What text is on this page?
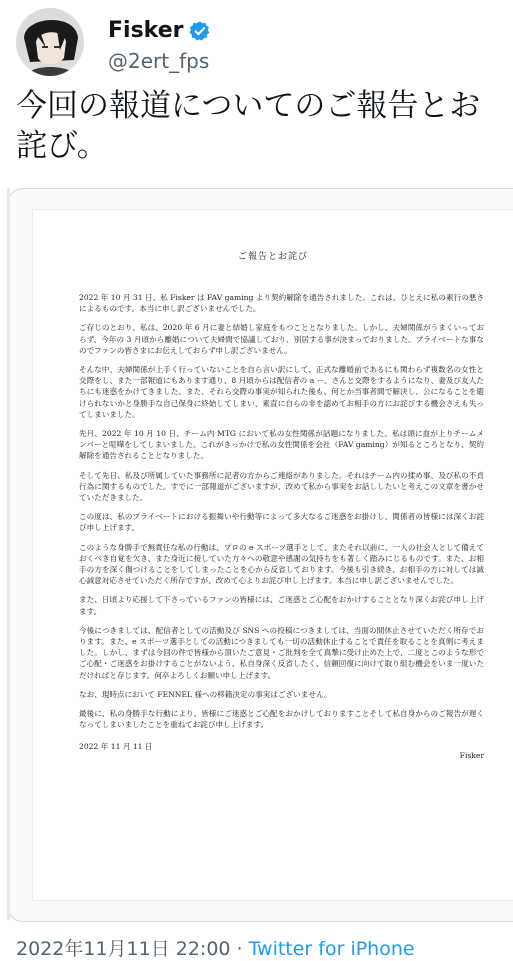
Fisker
@2ert_fps
今回の報道についてのご報告とお詫び。
ご報告とお詫び

2022 年 10 月 31 日、私 Fisker は FAV gaming より契約解除を通告されました。これは、ひとえに私の素行の悪さによるものです。本当に申し訳ございませんでした。

ご存じのとおり、私は、2020 年 6 月に妻と結婚し家庭をもつこととなりました。しかし、夫婦関係がうまくいっておらず、今年の 3 月頃から離婚について夫婦間で協議しており、別居する事が決まっておりました。プライベートな事なのでファンの皆さまにお伝えしておらず申し訳ございません。

そんな中、夫婦関係が上手く行っていないことを自ら言い訳にして、正式な離婚前であるにも関わらず複数名の女性と交際をし、また一部報道にもあります通り、8 月頃からは配信者の a ー。さんと交際をするようになり、妻及び友人たちにも迷惑をかけてきました。また、それら交際の事実が知られた後も、何とか当事者間で解決し、公になることを避けられないかと身勝手な自己保身に終始してしまい、素直に自らの非を認めてお相手の方にお詫びする機会さえも失ってしまいました。

先月、2022 年 10 月 10 日、チーム内 MTG において私の女性関係が話題になりました。私は頭に血が上りチームメンバーと喧嘩をしてしまいました。これがきっかけで私の女性関係を会社（FAV gaming）が知るところとなり、契約解除を通告されることとなりました。

そして先日、私及び所属していた事務所に記者の方からご連絡がありました。それはチーム内の揉め事、及び私の不貞行為に関するものでした。すでに一部報道がございますが、改めて私から事実をお話ししたいと考えこの文章を書かせていただきました。

この度は、私のプライベートにおける振舞いや行動等によって多大なるご迷惑をお掛けし、関係者の皆様には深くお詫び申し上げます。

このような身勝手で無責任な私の行動は、プロの e スポーツ選手として、またそれ以前に、一人の社会人として備えておくべき自覚を欠き、また身近に接していた方々への敬意や感謝の気持ちをも著しく踏みにじるものです。また、お相手の方を深く傷つけることをしてしまったことを心から反省しております。今後も引き続き、お相手の方に対しては誠心誠意対応させていただく所存ですが、改めて心よりお詫び申し上げます。本当に申し訳ございませんでした。

また、日頃より応援して下さっているファンの皆様には、ご迷惑とご心配をおかけすることとなり深くお詫び申し上げます。

今後につきましては、配信者としての活動及び SNS への投稿につきましては、当面の間休止させていただく所存でおります。また、e スポーツ選手としての活動につきましても一切の活動休止することで責任を取ることを真剣に考えました。しかし、まずは今回の件で皆様から頂いたご意見・ご批判を全て真摯に受け止めた上で、二度とこのような形でご心配・ご迷惑をお掛けすることがないよう、私自身深く反省したく、信頼回復に向けて取り組む機会をいま一度いただければと存じます。何卒よろしくお願い申し上げます。

なお、現時点において FENNEL 様への移籍決定の事実はございません。

最後に、私の身勝手な行動により、皆様にご迷惑とご心配をおかけしておりますことそして私自身からのご報告が遅くなってしまいましたことを重ねてお詫び申し上げます。

2022 年 11 月 11 日
Fisker
2022年11月11日 22:00 · Twitter for iPhone
